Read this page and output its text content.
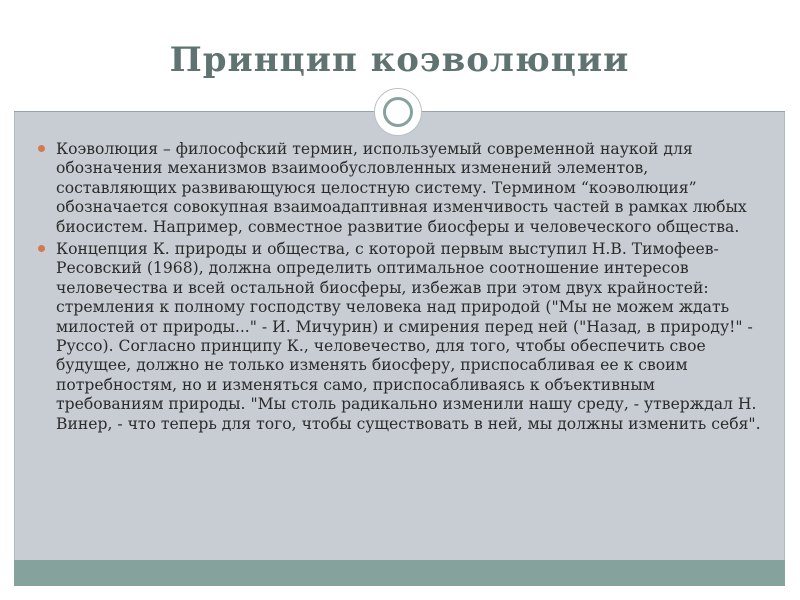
Принцип коэволюции
Коэволюция – философский термин, используемый современной наукой для обозначения механизмов взаимообусловленных изменений элементов, составляющих развивающуюся целостную систему. Термином “коэволюция” обозначается совокупная взаимоадаптивная изменчивость частей в рамках любых биосистем. Например, совместное развитие биосферы и человеческого общества.
Концепция К. природы и общества, с которой первым выступил Н.В. Тимофеев-Ресовский (1968), должна определить оптимальное соотношение интересов человечества и всей остальной биосферы, избежав при этом двух крайностей: стремления к полному господству человека над природой ("Мы не можем ждать милостей от природы..." - И. Мичурин) и смирения перед ней ("Назад, в природу!" - Руссо). Согласно принципу К., человечество, для того, чтобы обеспечить свое будущее, должно не только изменять биосферу, приспосабливая ее к своим потребностям, но и изменяться само, приспосабливаясь к объективным требованиям природы. "Мы столь радикально изменили нашу среду, - утверждал Н. Винер, - что теперь для того, чтобы существовать в ней, мы должны изменить себя".
